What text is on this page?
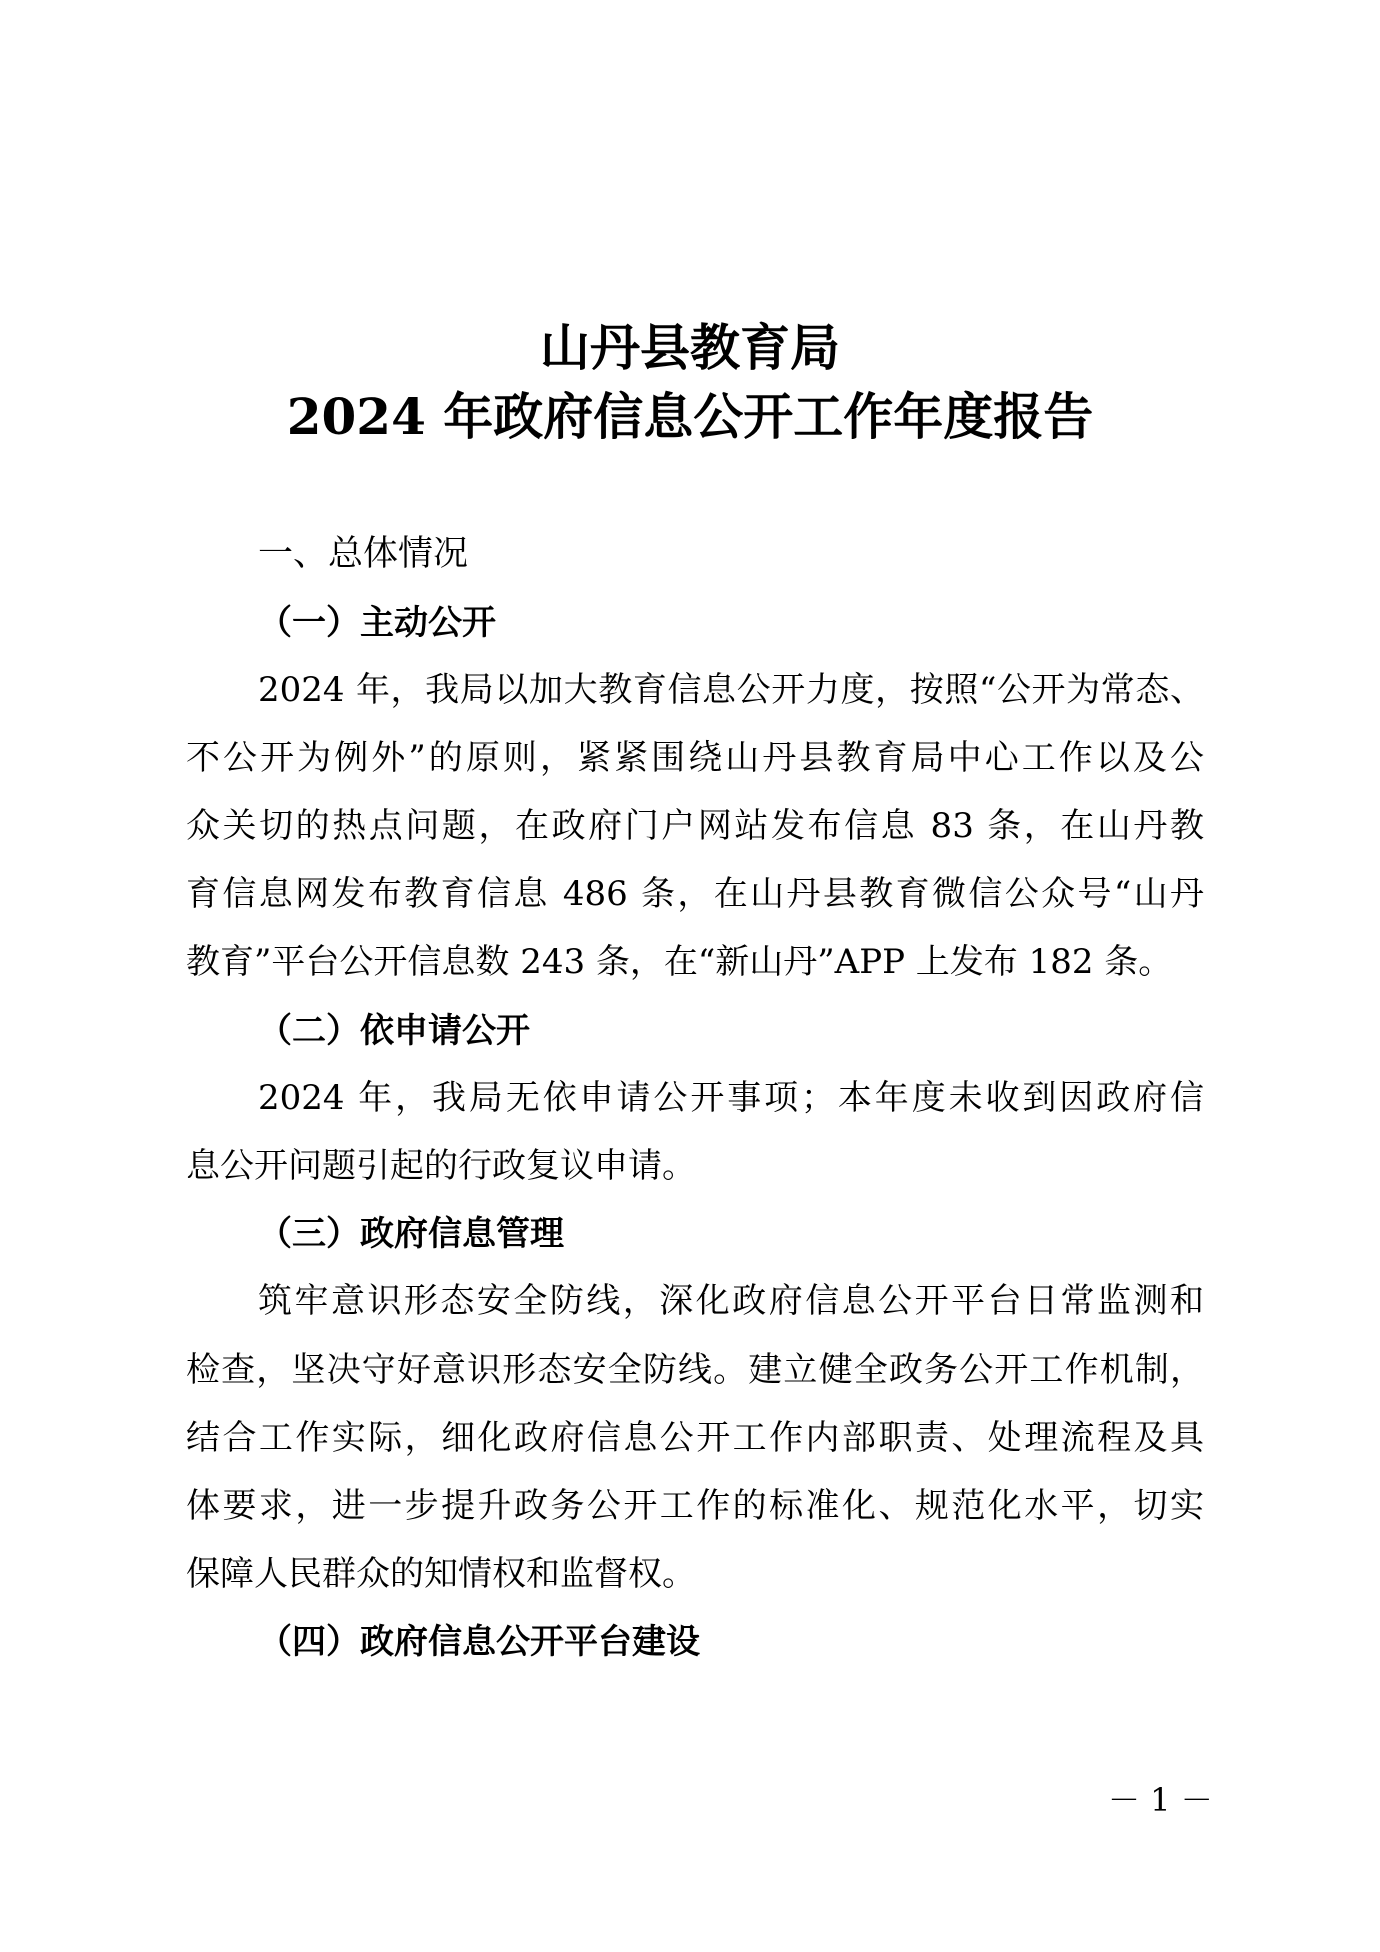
山丹县教育局
2024 年政府信息公开工作年度报告
一、总体情况
（一）主动公开
2024 年，我局以加大教育信息公开力度，按照“公开为常态、
不公开为例外”的原则，紧紧围绕山丹县教育局中心工作以及公
众关切的热点问题，在政府门户网站发布信息 83 条，在山丹教
育信息网发布教育信息 486 条，在山丹县教育微信公众号“山丹
教育”平台公开信息数 243 条，在“新山丹”APP 上发布 182 条。
（二）依申请公开
2024 年，我局无依申请公开事项；本年度未收到因政府信
息公开问题引起的行政复议申请。
（三）政府信息管理
筑牢意识形态安全防线，深化政府信息公开平台日常监测和
检查，坚决守好意识形态安全防线。建立健全政务公开工作机制，
结合工作实际，细化政府信息公开工作内部职责、处理流程及具
体要求，进一步提升政务公开工作的标准化、规范化水平，切实
保障人民群众的知情权和监督权。
（四）政府信息公开平台建设
－ 1 －
